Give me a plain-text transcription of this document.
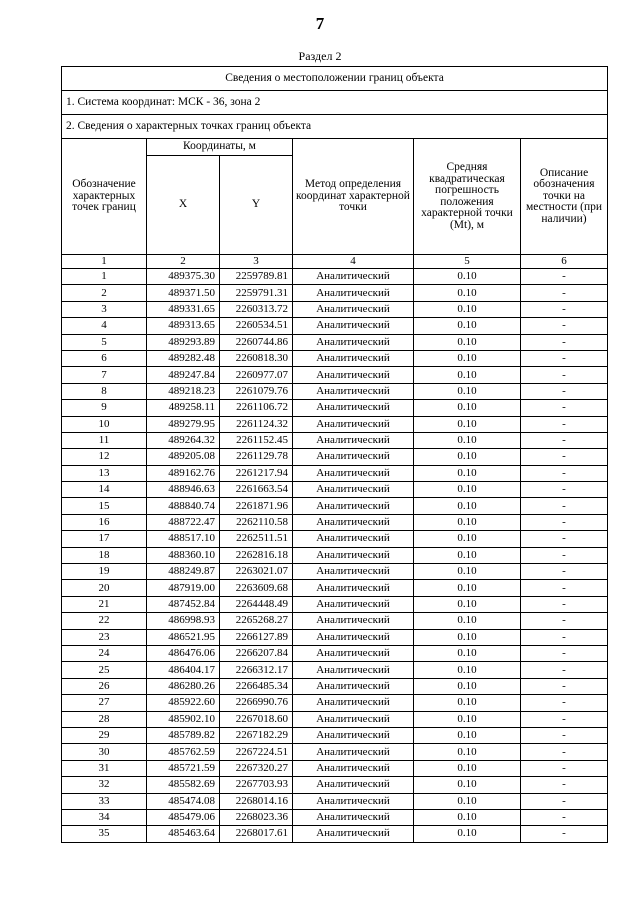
7
Раздел 2
Сведения о местоположении границ объекта					
1. Система координат: МСК - 36, зона 2					
2. Сведения о характерных точках границ объекта					
Обозначение характерных точек границ	Координаты, м		Метод определения координат характерной точки	Средняя квадратическая погрешность положения характерной точки (Mt), м	Описание обозначения точки на местности (при наличии)
	X	Y			
1	2	3	4	5	6
1	489375.30	2259789.81	Аналитический	0.10	-
2	489371.50	2259791.31	Аналитический	0.10	-
3	489331.65	2260313.72	Аналитический	0.10	-
4	489313.65	2260534.51	Аналитический	0.10	-
5	489293.89	2260744.86	Аналитический	0.10	-
6	489282.48	2260818.30	Аналитический	0.10	-
7	489247.84	2260977.07	Аналитический	0.10	-
8	489218.23	2261079.76	Аналитический	0.10	-
9	489258.11	2261106.72	Аналитический	0.10	-
10	489279.95	2261124.32	Аналитический	0.10	-
11	489264.32	2261152.45	Аналитический	0.10	-
12	489205.08	2261129.78	Аналитический	0.10	-
13	489162.76	2261217.94	Аналитический	0.10	-
14	488946.63	2261663.54	Аналитический	0.10	-
15	488840.74	2261871.96	Аналитический	0.10	-
16	488722.47	2262110.58	Аналитический	0.10	-
17	488517.10	2262511.51	Аналитический	0.10	-
18	488360.10	2262816.18	Аналитический	0.10	-
19	488249.87	2263021.07	Аналитический	0.10	-
20	487919.00	2263609.68	Аналитический	0.10	-
21	487452.84	2264448.49	Аналитический	0.10	-
22	486998.93	2265268.27	Аналитический	0.10	-
23	486521.95	2266127.89	Аналитический	0.10	-
24	486476.06	2266207.84	Аналитический	0.10	-
25	486404.17	2266312.17	Аналитический	0.10	-
26	486280.26	2266485.34	Аналитический	0.10	-
27	485922.60	2266990.76	Аналитический	0.10	-
28	485902.10	2267018.60	Аналитический	0.10	-
29	485789.82	2267182.29	Аналитический	0.10	-
30	485762.59	2267224.51	Аналитический	0.10	-
31	485721.59	2267320.27	Аналитический	0.10	-
32	485582.69	2267703.93	Аналитический	0.10	-
33	485474.08	2268014.16	Аналитический	0.10	-
34	485479.06	2268023.36	Аналитический	0.10	-
35	485463.64	2268017.61	Аналитический	0.10	-
